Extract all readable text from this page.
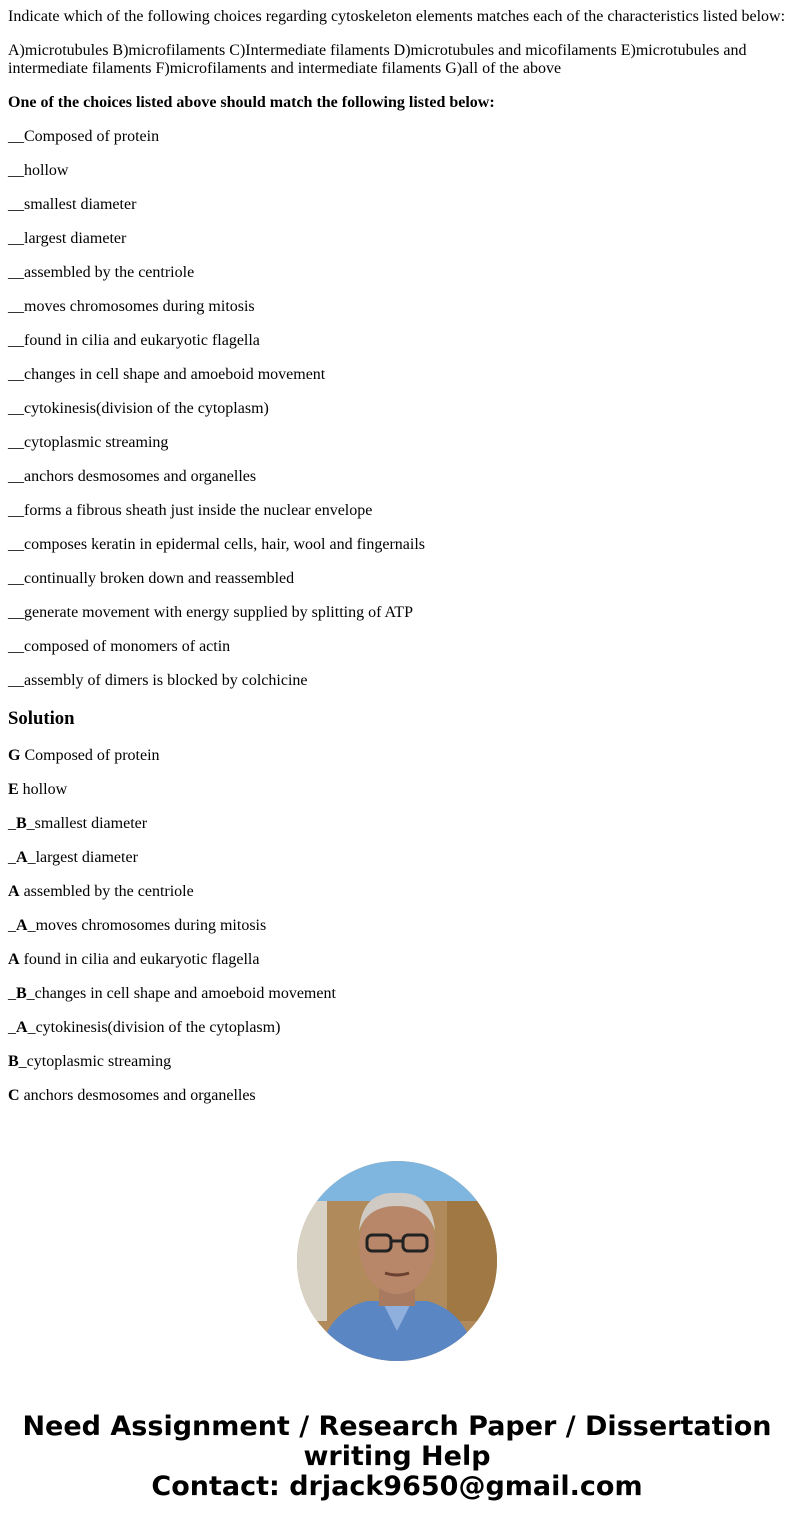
Indicate which of the following choices regarding cytoskeleton elements matches each of the characteristics listed below:

A)microtubules B)microfilaments C)Intermediate filaments D)microtubules and micofilaments E)microtubules and intermediate filaments F)microfilaments and intermediate filaments G)all of the above

One of the choices listed above should match the following listed below:

__Composed of protein

__hollow

__smallest diameter

__largest diameter

__assembled by the centriole

__moves chromosomes during mitosis

__found in cilia and eukaryotic flagella

__changes in cell shape and amoeboid movement

__cytokinesis(division of the cytoplasm)

__cytoplasmic streaming

__anchors desmosomes and organelles

__forms a fibrous sheath just inside the nuclear envelope

__composes keratin in epidermal cells, hair, wool and fingernails

__continually broken down and reassembled

__generate movement with energy supplied by splitting of ATP

__composed of monomers of actin

__assembly of dimers is blocked by colchicine

Solution

G Composed of protein

E hollow

_B_smallest diameter

_A_largest diameter

A assembled by the centriole

_A_moves chromosomes during mitosis

A found in cilia and eukaryotic flagella

_B_changes in cell shape and amoeboid movement

_A_cytokinesis(division of the cytoplasm)

B_cytoplasmic streaming

C anchors desmosomes and organelles

Need Assignment / Research Paper / Dissertation writing Help
Contact: drjack9650@gmail.com
